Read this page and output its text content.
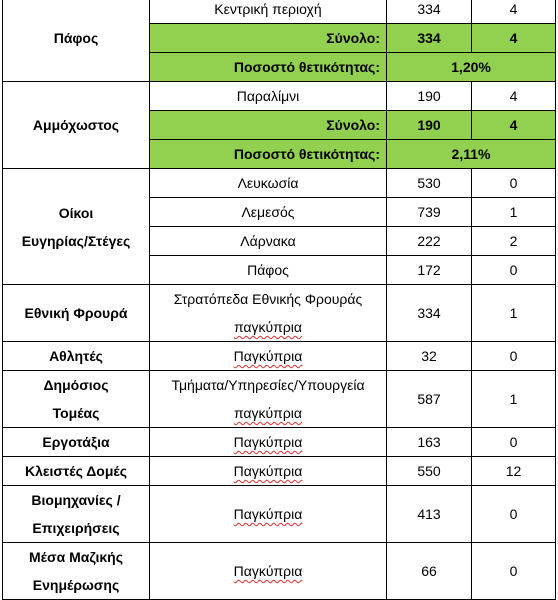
Πάφος	Κεντρική περιοχή	334	4
	Σύνολο:	334	4
	Ποσοστό θετικότητας:	1,20%	
Αμμόχωστος	Παραλίμνι	190	4
	Σύνολο:	190	4
	Ποσοστό θετικότητας:	2,11%	

Οίκοι
Ευγηρίας/Στέγες	Λευκωσία	530	0
	Λεμεσός	739	1
	Λάρνακα	222	2
	Πάφος	172	0
Εθνική Φρουρά	Στρατόπεδα Εθνικής Φρουράς
παγκύπρια	334	1
Αθλητές	Παγκύπρια	32	0

Δημόσιος
Τομέας	Τμήματα/Υπηρεσίες/Υπουργεία
παγκύπρια	587	1
Εργοτάξια	Παγκύπρια	163	0
Κλειστές Δομές	Παγκύπρια	550	12

Βιομηχανίες /
Επιχειρήσεις	Παγκύπρια	413	0

Μέσα Μαζικής
Ενημέρωσης	Παγκύπρια	66	0
